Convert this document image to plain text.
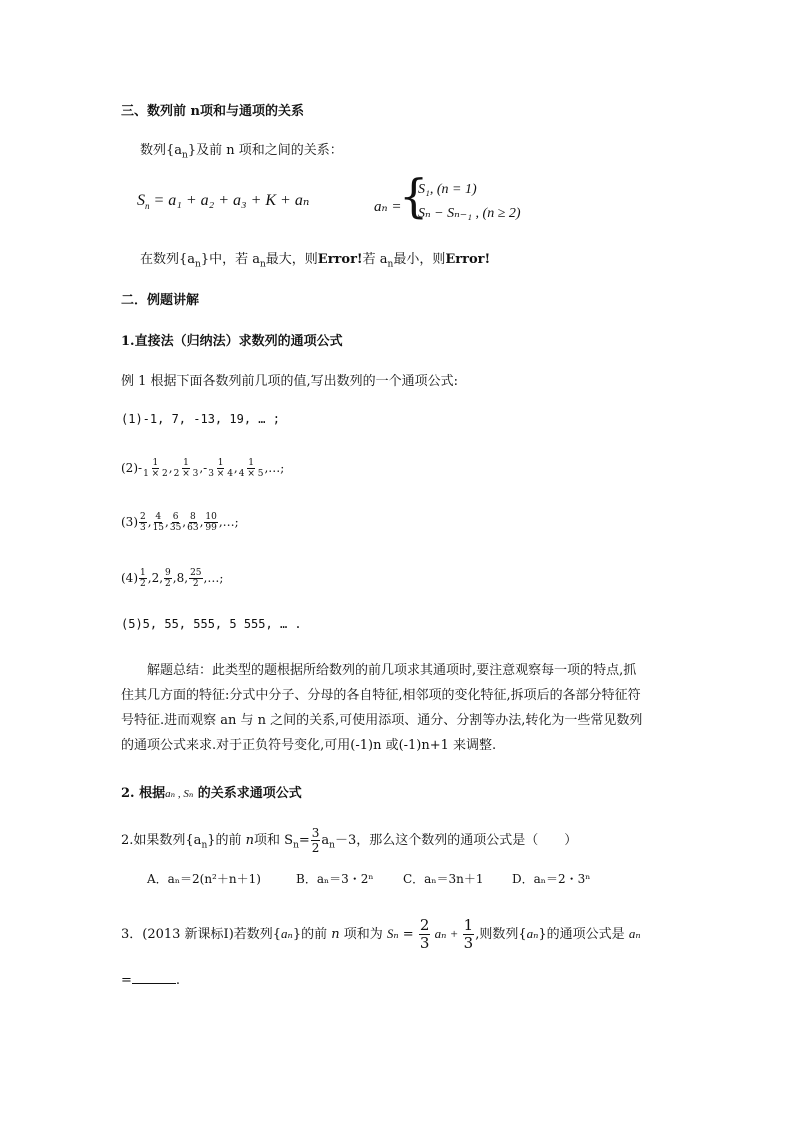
三、数列前 n项和与通项的关系
数列$\{a_n\}$及前 n 项和之间的关系：
$S_n = a_1 + a_2 + a_3 + K + a_n$	aₙ =
{
S₁, (n = 1)
Sₙ − Sₙ₋₁ , (n ≥ 2)
在数列$\{a_n\}$中，若 $a_n$最大，则Error!若 $a_n$最小，则Error!
二．例题讲解
1.直接法（归纳法）求数列的通项公式
例 1 根据下面各数列前几项的值,写出数列的一个通项公式:
(1)-1, 7, -13, 19, … ;
$(2)- \frac{1}{1 \times 2}$ , $\frac{1}{2 \times 3}$ ,- $\frac{1}{3 \times 4}$ , $\frac{1}{4 \times 5}$ ,…;
$(3) \frac{2}{3}$ , $\frac{4}{15}$ , $\frac{6}{35}$ , $\frac{8}{63}$ , $\frac{10}{99}$ ,…;
$(4) \frac{1}{2} ,2$, $\frac{9}{2} ,8$, $\frac{25}{2}$ ,…;
(5)5, 55, 555, 5 555, … .
解题总结：此类型的题根据所给数列的前几项求其通项时,要注意观察每一项的特点,抓
住其几方面的特征:分式中分子、分母的各自特征,相邻项的变化特征,拆项后的各部分特征符
号特征.进而观察 an 与 n 之间的关系,可使用添项、通分、分割等办法,转化为一些常见数列
的通项公式来求.对于正负符号变化,可用(-1)n 或(-1)n+1 来调整.
2. 根据aₙ , Sₙ 的关系求通项公式
2.如果数列$\{a_n\}$的前 n项和 $S_n= \frac{3}{2} a_n-3$，那么这个数列的通项公式是（　　）
A．aₙ＝2(n²＋n＋1)	B．aₙ＝3・2ⁿ C．aₙ＝3n＋1 D．aₙ＝2・3ⁿ
3．(2013 新课标Ⅰ)若数列{aₙ}的前 n 项和为 $S_n = \frac{2}{3}$ $a_n + \frac{1}{3}$ ,则数列{aₙ}的通项公式是 aₙ
=	.
